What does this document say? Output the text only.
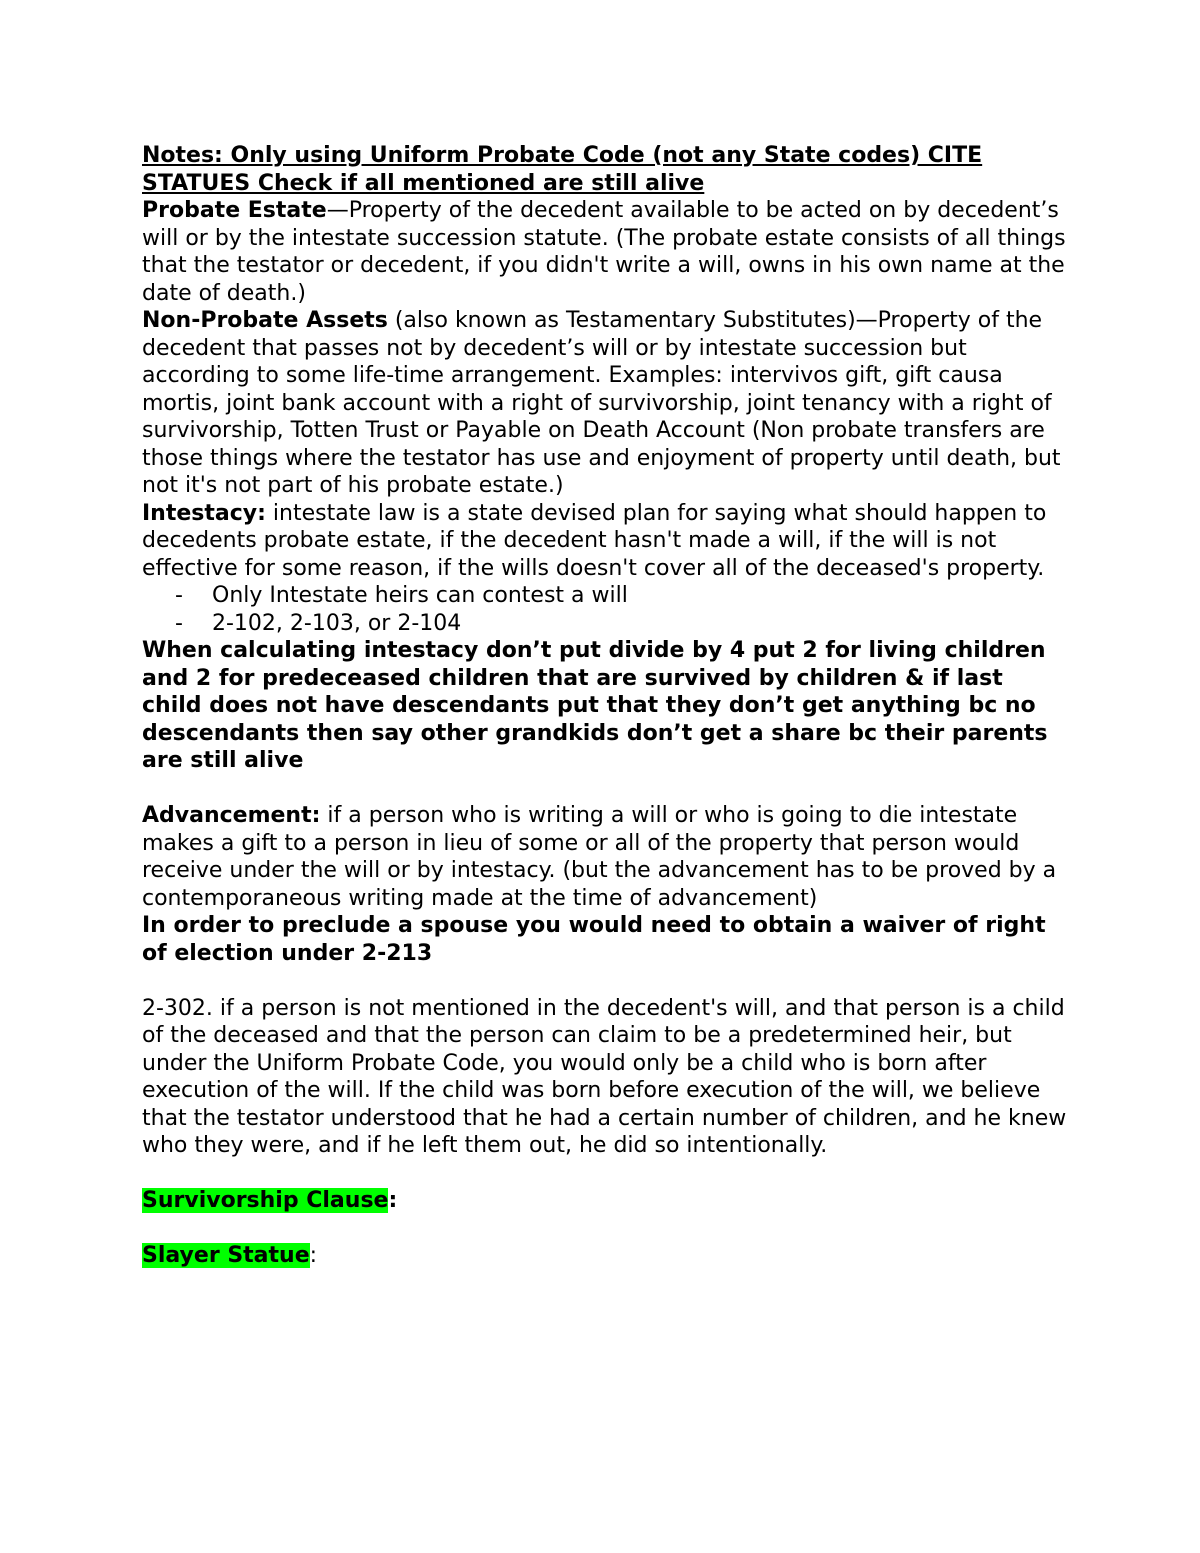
Notes: Only using Uniform Probate Code (not any State codes) CITE STATUES Check if all mentioned are still alive

Probate Estate—Property of the decedent available to be acted on by decedent’s will or by the intestate succession statute. (The probate estate consists of all things that the testator or decedent, if you didn't write a will, owns in his own name at the date of death.)

Non-Probate Assets (also known as Testamentary Substitutes)—Property of the decedent that passes not by decedent’s will or by intestate succession but according to some life-time arrangement. Examples: intervivos gift, gift causa mortis, joint bank account with a right of survivorship, joint tenancy with a right of survivorship, Totten Trust or Payable on Death Account (Non probate transfers are those things where the testator has use and enjoyment of property until death, but not it's not part of his probate estate.)

Intestacy: intestate law is a state devised plan for saying what should happen to decedents probate estate, if the decedent hasn't made a will, if the will is not effective for some reason, if the wills doesn't cover all of the deceased's property.

- Only Intestate heirs can contest a will
- 2-102, 2-103, or 2-104

When calculating intestacy don’t put divide by 4 put 2 for living children and 2 for predeceased children that are survived by children & if last child does not have descendants put that they don’t get anything bc no descendants then say other grandkids don’t get a share bc their parents are still alive

Advancement: if a person who is writing a will or who is going to die intestate makes a gift to a person in lieu of some or all of the property that person would receive under the will or by intestacy. (but the advancement has to be proved by a contemporaneous writing made at the time of advancement)

In order to preclude a spouse you would need to obtain a waiver of right of election under 2-213

2-302. if a person is not mentioned in the decedent's will, and that person is a child of the deceased and that the person can claim to be a predetermined heir, but under the Uniform Probate Code, you would only be a child who is born after execution of the will. If the child was born before execution of the will, we believe that the testator understood that he had a certain number of children, and he knew who they were, and if he left them out, he did so intentionally.

Survivorship Clause:

Slayer Statue:
